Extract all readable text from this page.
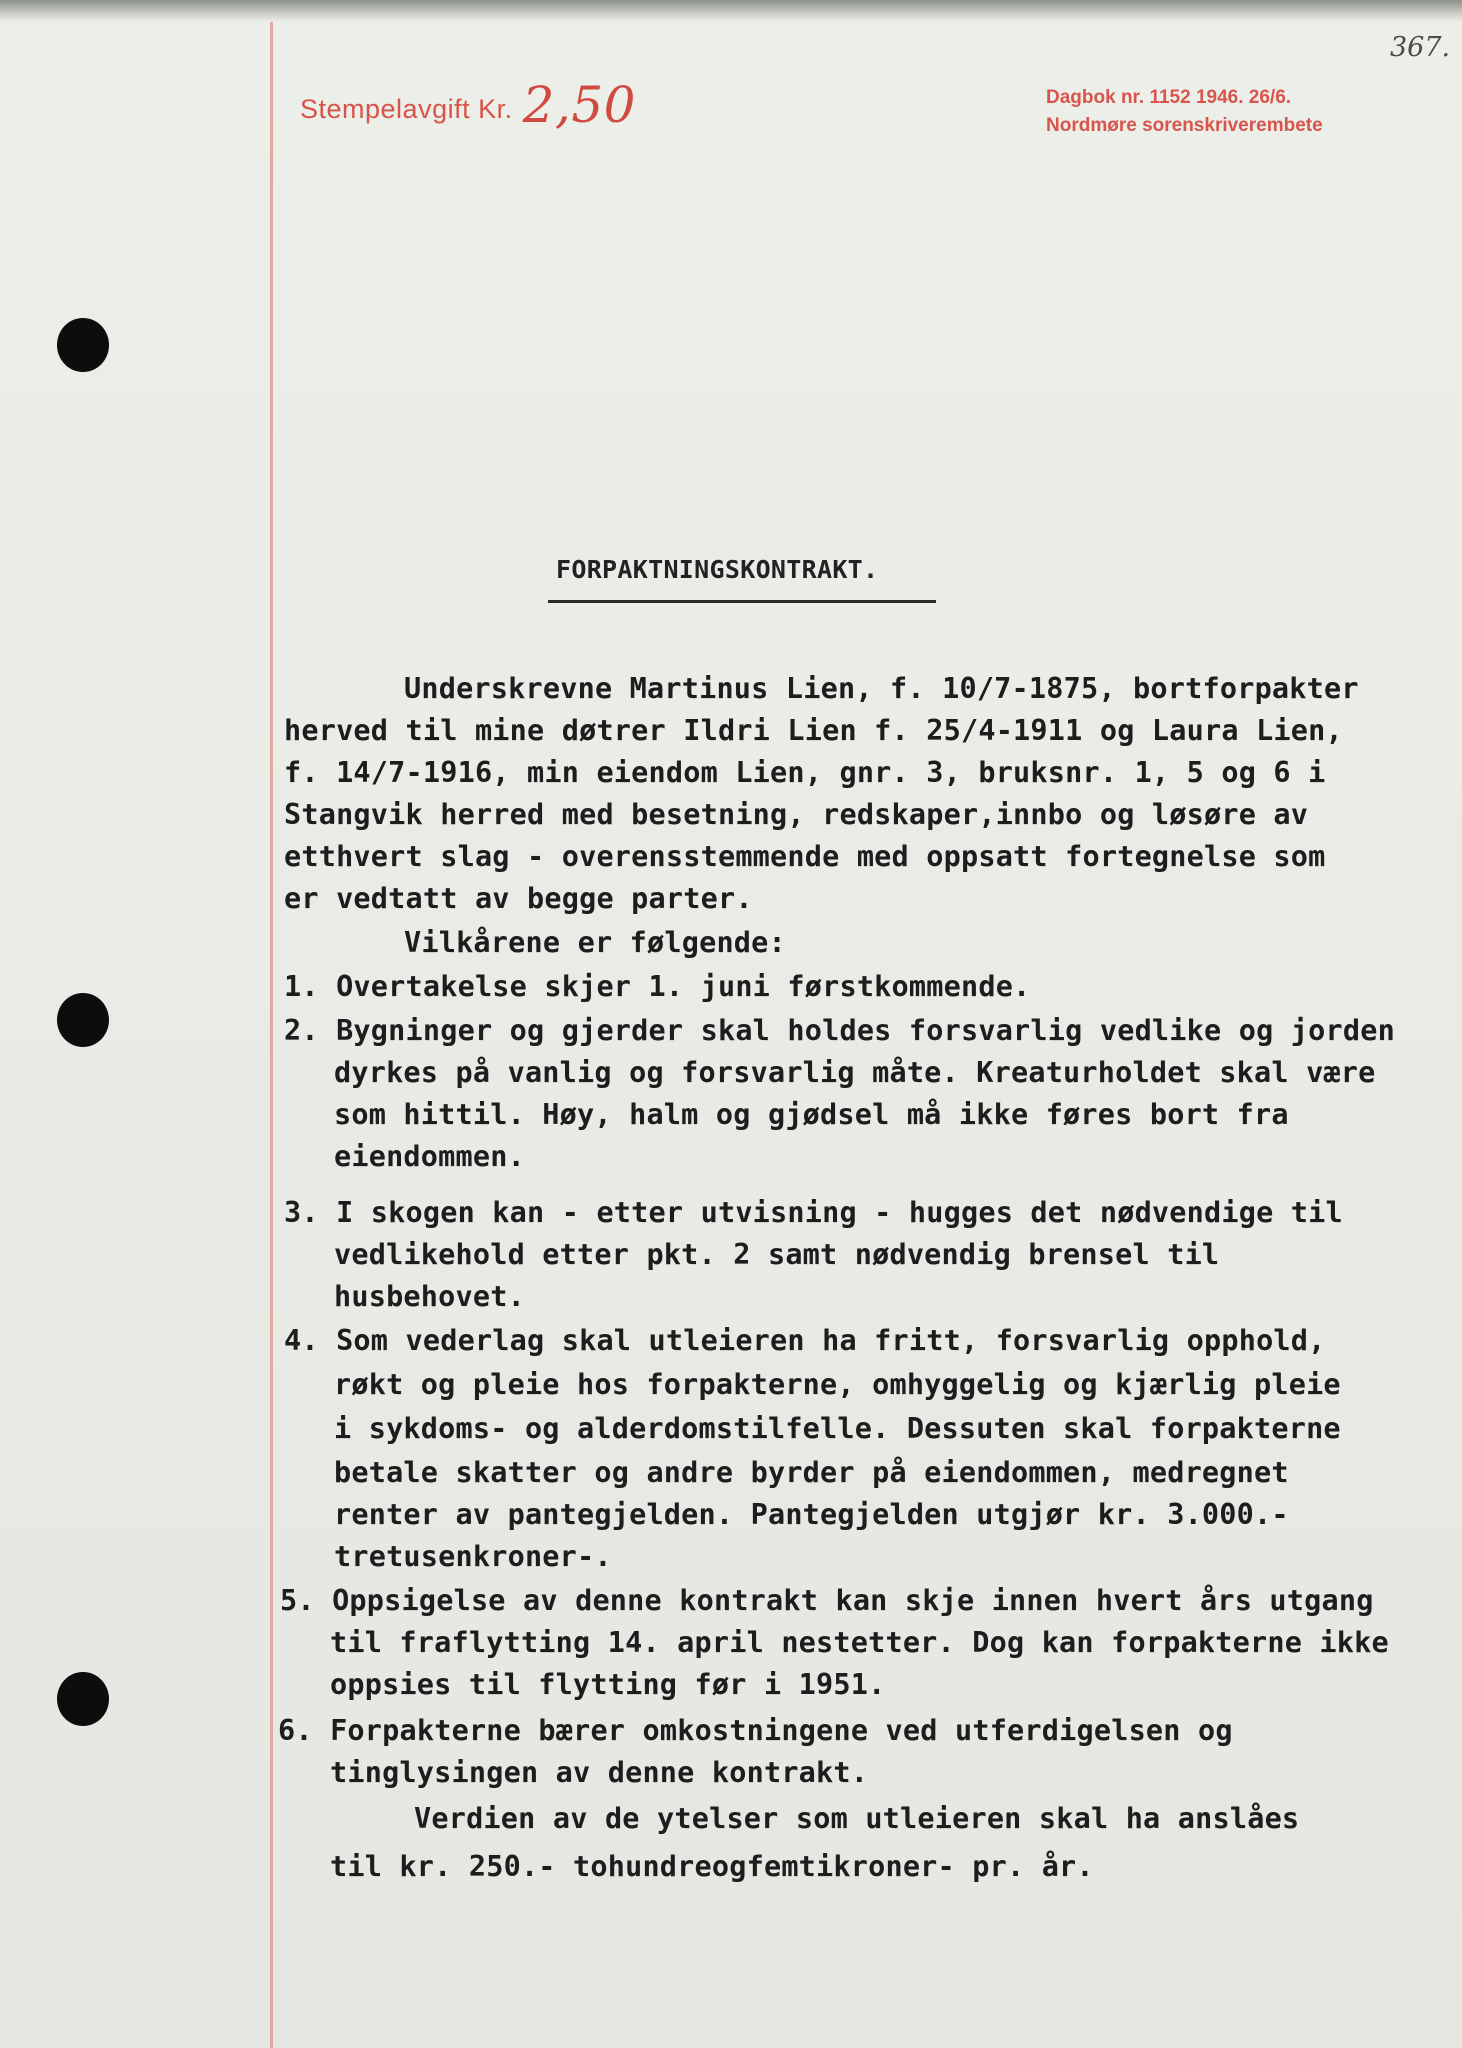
Stempelavgift Kr. 2,50	Dagbok nr. 1152 1946. 26/6.
Nordmøre sorenskriverembete
367.
FORPAKTNINGSKONTRAKT.
Underskrevne Martinus Lien, f. 10/7-1875, bortforpakter
herved til mine døtrer Ildri Lien f. 25/4-1911 og Laura Lien,
f. 14/7-1916, min eiendom Lien, gnr. 3, bruksnr. 1, 5 og 6 i
Stangvik herred med besetning, redskaper,innbo og løsøre av
etthvert slag - overensstemmende med oppsatt fortegnelse som
er vedtatt av begge parter.
Vilkårene er følgende:
1. Overtakelse skjer 1. juni førstkommende.
2. Bygninger og gjerder skal holdes forsvarlig vedlike og jorden
dyrkes på vanlig og forsvarlig måte. Kreaturholdet skal være
som hittil. Høy, halm og gjødsel må ikke føres bort fra
eiendommen.
3. I skogen kan - etter utvisning - hugges det nødvendige til
vedlikehold etter pkt. 2 samt nødvendig brensel til
husbehovet.
4. Som vederlag skal utleieren ha fritt, forsvarlig opphold,
røkt og pleie hos forpakterne, omhyggelig og kjærlig pleie
i sykdoms- og alderdomstilfelle. Dessuten skal forpakterne
betale skatter og andre byrder på eiendommen, medregnet
renter av pantegjelden. Pantegjelden utgjør kr. 3.000.-
tretusenkroner-.
5. Oppsigelse av denne kontrakt kan skje innen hvert års utgang
til fraflytting 14. april nestetter. Dog kan forpakterne ikke
oppsies til flytting før i 1951.
6. Forpakterne bærer omkostningene ved utferdigelsen og
tinglysingen av denne kontrakt.
Verdien av de ytelser som utleieren skal ha anslåes
til kr. 250.- tohundreogfemtikroner- pr. år.
